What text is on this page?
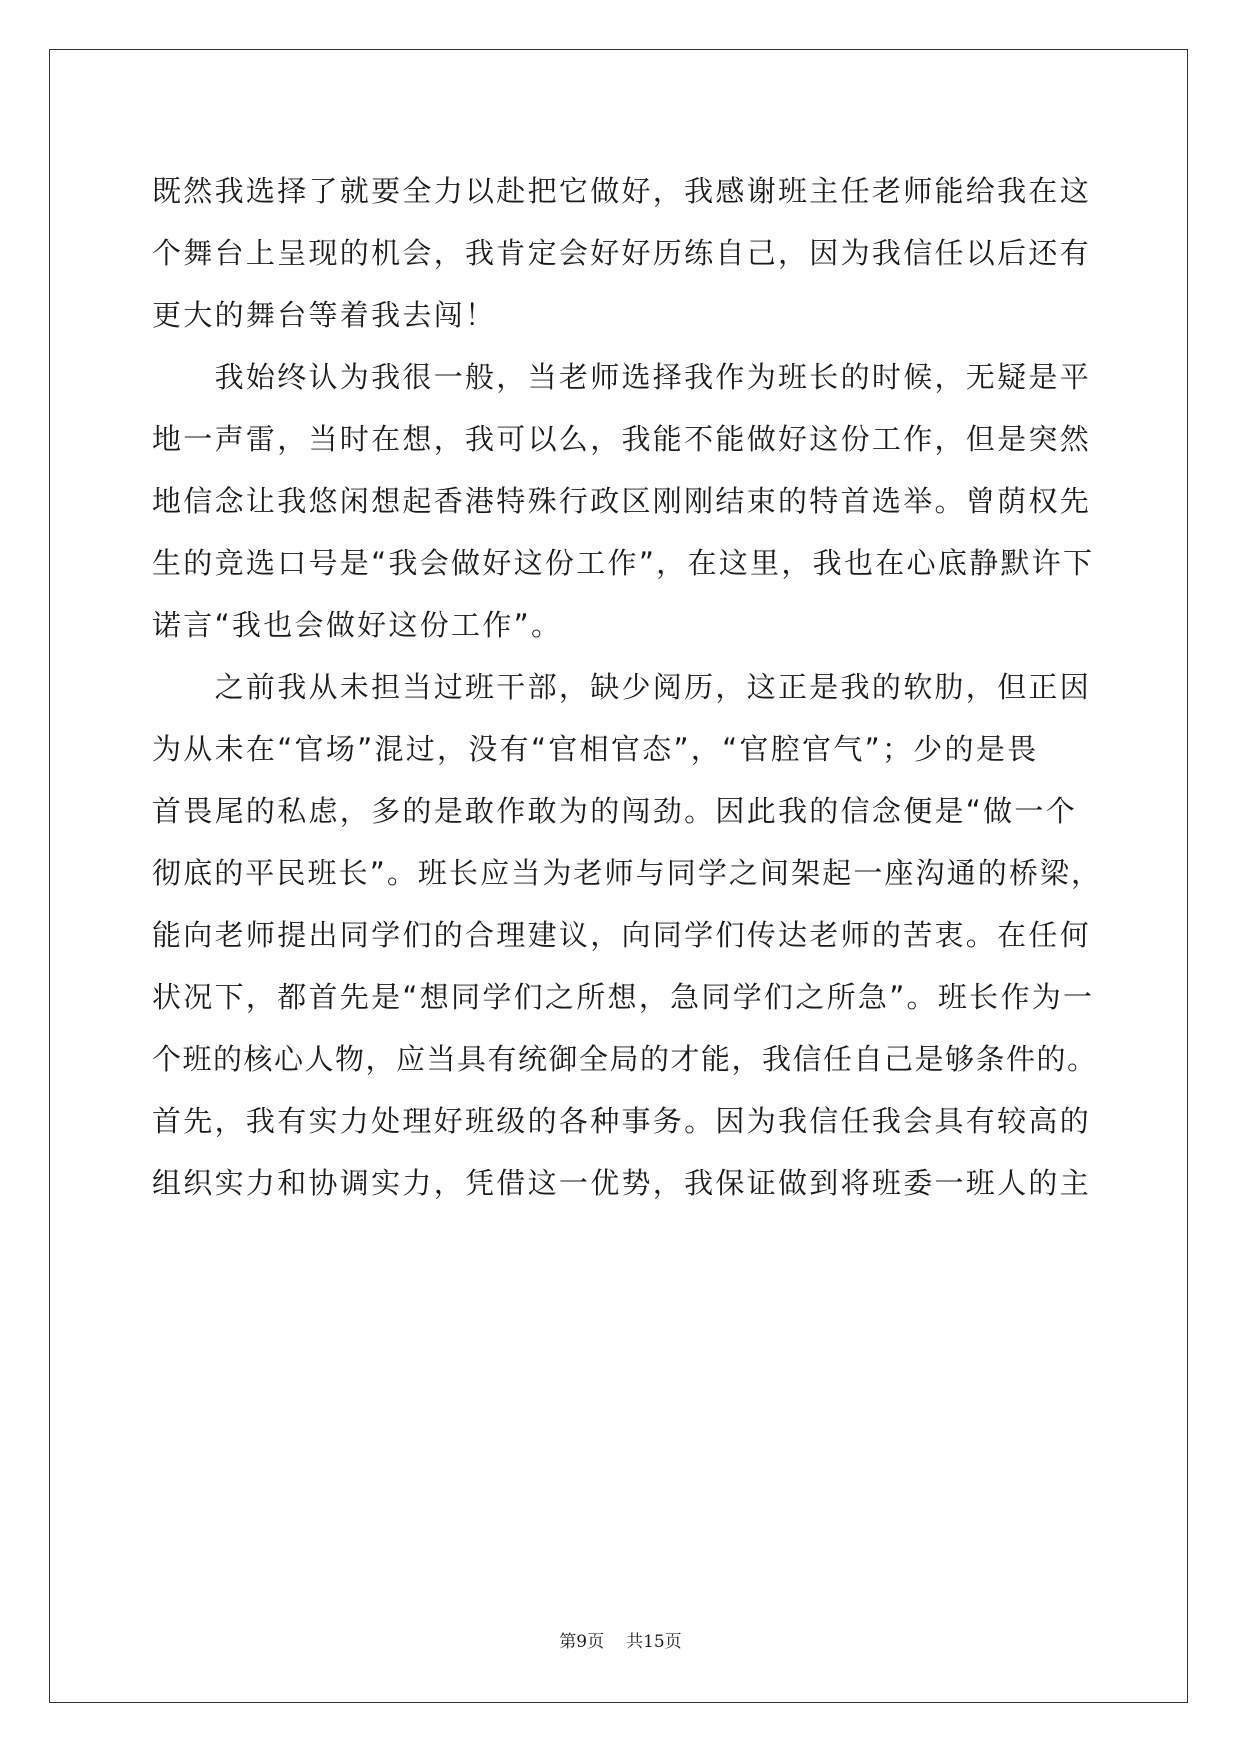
既然我选择了就要全力以赴把它做好，我感谢班主任老师能给我在这
个舞台上呈现的机会，我肯定会好好历练自己，因为我信任以后还有
更大的舞台等着我去闯！
　　我始终认为我很一般，当老师选择我作为班长的时候，无疑是平
地一声雷，当时在想，我可以么，我能不能做好这份工作，但是突然
地信念让我悠闲想起香港特殊行政区刚刚结束的特首选举。曾荫权先
生的竞选口号是“我会做好这份工作”，在这里，我也在心底静默许下
诺言“我也会做好这份工作”。
　　之前我从未担当过班干部，缺少阅历，这正是我的软肋，但正因
为从未在“官场”混过，没有“官相官态”，“官腔官气”；少的是畏
首畏尾的私虑，多的是敢作敢为的闯劲。因此我的信念便是“做一个
彻底的平民班长”。班长应当为老师与同学之间架起一座沟通的桥梁，
能向老师提出同学们的合理建议，向同学们传达老师的苦衷。在任何
状况下，都首先是“想同学们之所想，急同学们之所急”。班长作为一
个班的核心人物，应当具有统御全局的才能，我信任自己是够条件的。
首先，我有实力处理好班级的各种事务。因为我信任我会具有较高的
组织实力和协调实力，凭借这一优势，我保证做到将班委一班人的主
第9页 共15页
